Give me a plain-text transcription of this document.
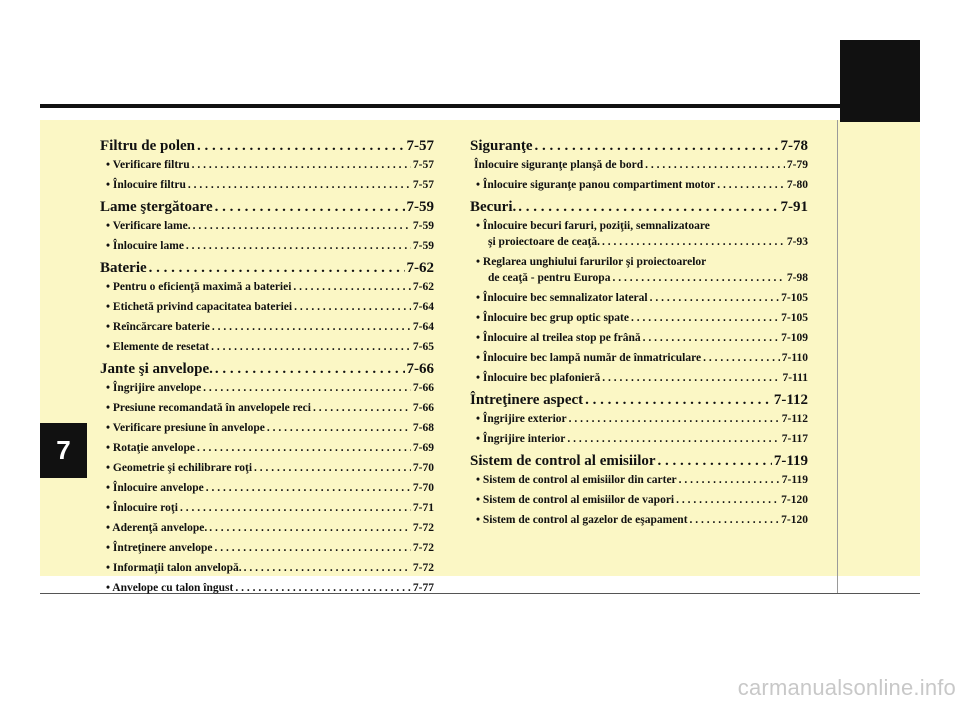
7
carmanualsonline.info
Filtru de polen . . .	7-57
• Verificare filtru . . .	7-57
• Înlocuire filtru . . .	7-57
Lame ştergătoare . . .	7-59
• Verificare lame. . . .	7-59
• Înlocuire lame . . .	7-59
Baterie . . .	7-62
• Pentru o eficienţă maximă a bateriei . . .	7-62
• Etichetă privind capacitatea bateriei . . .	7-64
• Reîncărcare baterie . . .	7-64
• Elemente de resetat . . .	7-65
Jante şi anvelope. . . .	7-66
• Îngrijire anvelope . . .	7-66
• Presiune recomandată în anvelopele reci . . .	7-66
• Verificare presiune în anvelope . . .	7-68
• Rotaţie anvelope . . .	7-69
• Geometrie şi echilibrare roţi . . .	7-70
• Înlocuire anvelope . . .	7-70
• Înlocuire roţi . . .	7-71
• Aderenţă anvelope. . . .	7-72
• Întreţinere anvelope . . .	7-72
• Informaţii talon anvelopă. . . .	7-72
• Anvelope cu talon îngust . . .	7-77
Siguranţe . . .	7-78
Înlocuire siguranţe planşă de bord . . .	7-79
• Înlocuire siguranţe panou compartiment motor . . .	7-80
Becuri. . . .	7-91
• Înlocuire becuri faruri, poziţii, semnalizatoare
şi proiectoare de ceaţă. . . .	7-93
• Reglarea unghiului farurilor şi proiectoarelor
de ceaţă - pentru Europa . . .	7-98
• Înlocuire bec semnalizator lateral . . .	7-105
• Înlocuire bec grup optic spate . . .	7-105
• Înlocuire al treilea stop pe frână . . .	7-109
• Înlocuire bec lampă număr de înmatriculare . . .	7-110
• Înlocuire bec plafonieră . . .	7-111
Întreţinere aspect . . .	7-112
• Îngrijire exterior . . .	7-112
• Îngrijire interior . . .	7-117
Sistem de control al emisiilor . . .	7-119
• Sistem de control al emisiilor din carter . . .	7-119
• Sistem de control al emisiilor de vapori . . .	7-120
• Sistem de control al gazelor de eşapament . . .	7-120
